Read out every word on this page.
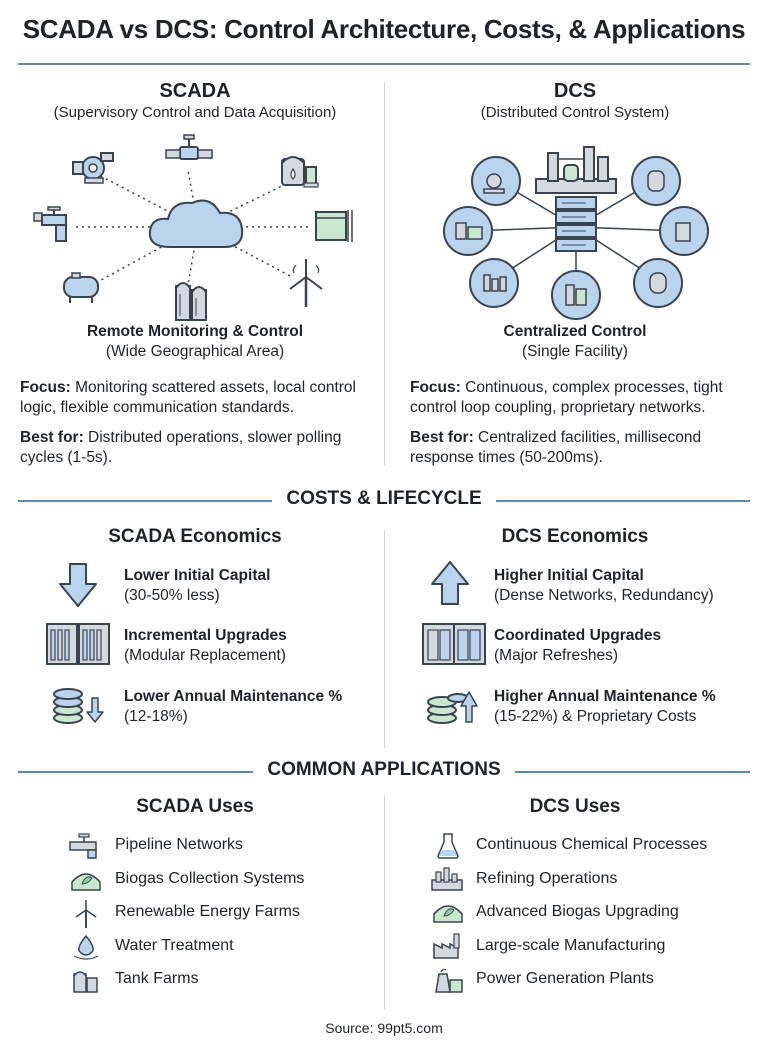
SCADA vs DCS: Control Architecture, Costs, & Applications
SCADA
(Supervisory Control and Data Acquisition)
Remote Monitoring & Control
(Wide Geographical Area)
Focus: Monitoring scattered assets, local control logic, flexible communication standards.
Best for: Distributed operations, slower polling cycles (1-5s).
DCS
(Distributed Control System)
Centralized Control
(Single Facility)
Focus: Continuous, complex processes, tight control loop coupling, proprietary networks.
Best for: Centralized facilities, millisecond response times (50-200ms).
COSTS & LIFECYCLE
SCADA Economics	DCS Economics
Lower Initial Capital
(30-50% less)
Incremental Upgrades
(Modular Replacement)
Lower Annual Maintenance %
(12-18%)
Higher Initial Capital
(Dense Networks, Redundancy)
Coordinated Upgrades
(Major Refreshes)
Higher Annual Maintenance %
(15-22%) & Proprietary Costs
COMMON APPLICATIONS
SCADA Uses	DCS Uses
Pipeline Networks
Biogas Collection Systems
Renewable Energy Farms
Water Treatment
Tank Farms
Continuous Chemical Processes
Refining Operations
Advanced Biogas Upgrading
Large-scale Manufacturing
Power Generation Plants
Source: 99pt5.com
